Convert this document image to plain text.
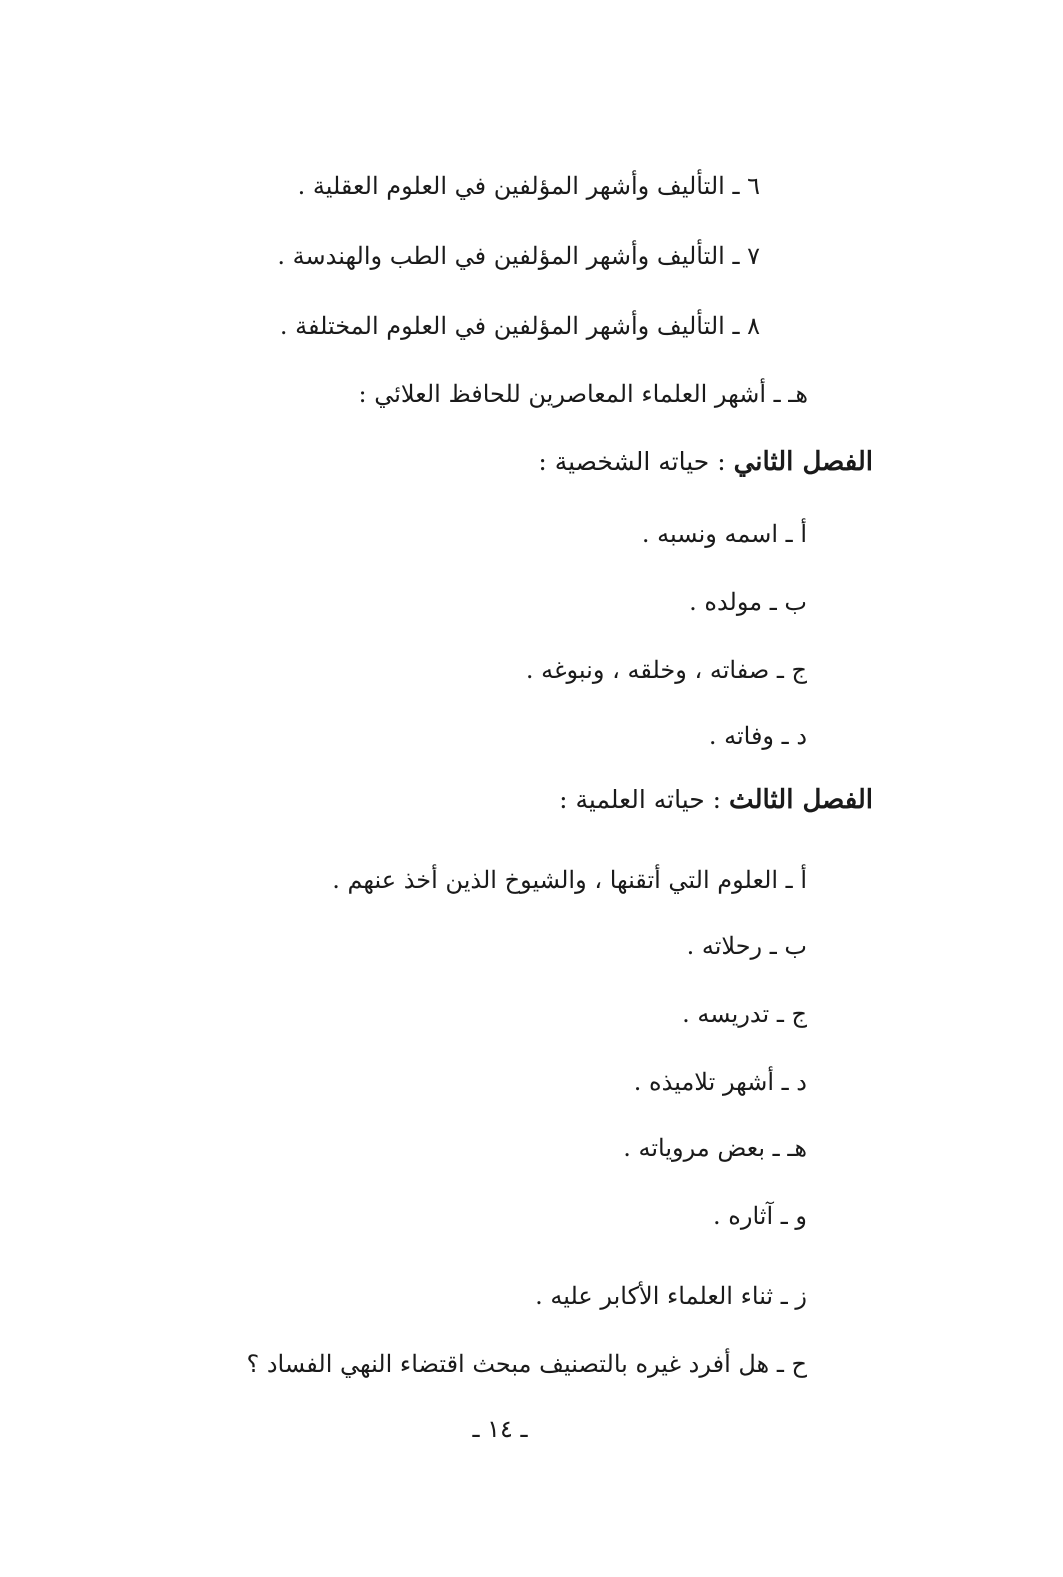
٦ ـ التأليف وأشهر المؤلفين في العلوم العقلية .
٧ ـ التأليف وأشهر المؤلفين في الطب والهندسة .
٨ ـ التأليف وأشهر المؤلفين في العلوم المختلفة .
هـ ـ أشهر العلماء المعاصرين للحافظ العلائي :
الفصل الثاني : حياته الشخصية :
أ ـ اسمه ونسبه .
ب ـ مولده .
ج ـ صفاته ، وخلقه ، ونبوغه .
د ـ وفاته .
الفصل الثالث : حياته العلمية :
أ ـ العلوم التي أتقنها ، والشيوخ الذين أخذ عنهم .
ب ـ رحلاته .
ج ـ تدريسه .
د ـ أشهر تلاميذه .
هـ ـ بعض مروياته .
و ـ آثاره .
ز ـ ثناء العلماء الأكابر عليه .
ح ـ هل أفرد غيره بالتصنيف مبحث اقتضاء النهي الفساد ؟
ـ ١٤ ـ
